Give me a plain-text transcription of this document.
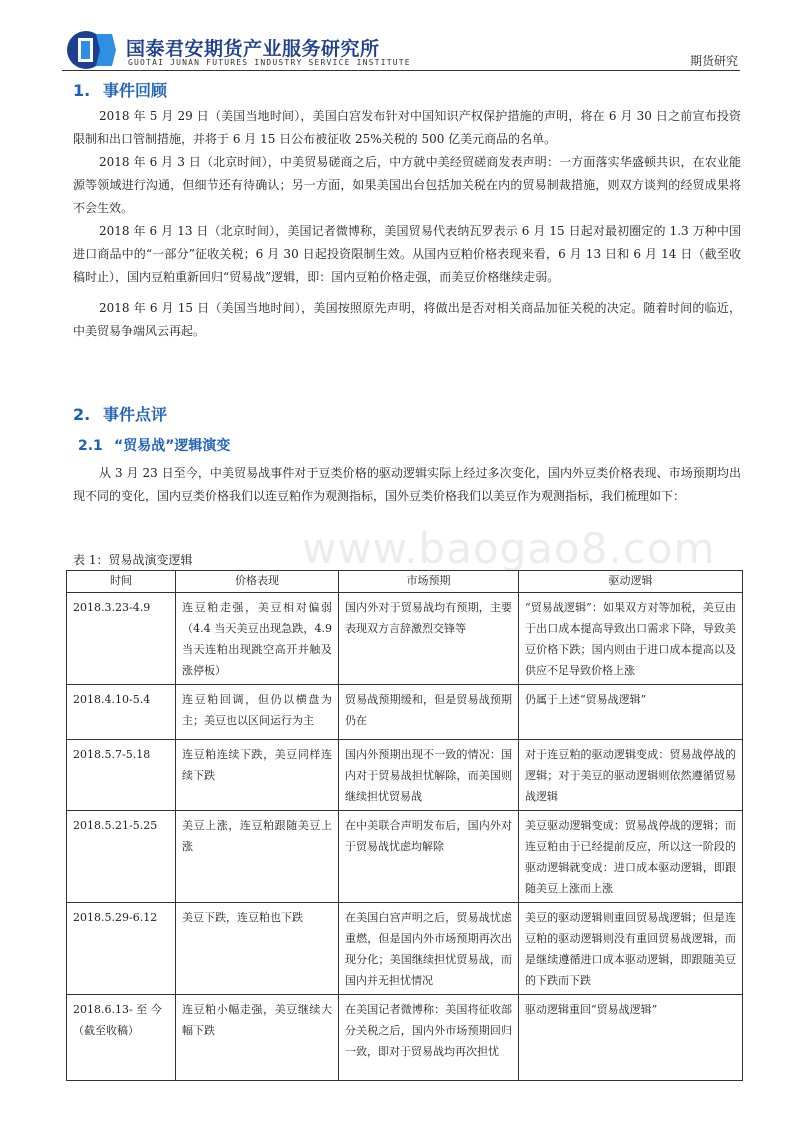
国泰君安期货产业服务研究所
GUOTAI JUNAN FUTURES INDUSTRY SERVICE INSTITUTE	期货研究
1. 事件回顾
2018 年 5 月 29 日（美国当地时间），美国白宫发布针对中国知识产权保护措施的声明，将在 6 月 30 日之前宣布投资限制和出口管制措施，并将于 6 月 15 日公布被征收 25%关税的 500 亿美元商品的名单。
2018 年 6 月 3 日（北京时间），中美贸易磋商之后，中方就中美经贸磋商发表声明：一方面落实华盛顿共识，在农业能源等领域进行沟通，但细节还有待确认；另一方面，如果美国出台包括加关税在内的贸易制裁措施，则双方谈判的经贸成果将不会生效。
2018 年 6 月 13 日（北京时间），美国记者微博称，美国贸易代表纳瓦罗表示 6 月 15 日起对最初圈定的 1.3 万种中国进口商品中的“一部分”征收关税；6 月 30 日起投资限制生效。从国内豆粕价格表现来看，6 月 13 日和 6 月 14 日（截至收稿时止），国内豆粕重新回归“贸易战”逻辑，即：国内豆粕价格走强，而美豆价格继续走弱。
2018 年 6 月 15 日（美国当地时间），美国按照原先声明，将做出是否对相关商品加征关税的决定。随着时间的临近，中美贸易争端风云再起。
2. 事件点评
2.1 “贸易战”逻辑演变
从 3 月 23 日至今，中美贸易战事件对于豆类价格的驱动逻辑实际上经过多次变化，国内外豆类价格表现、市场预期均出现不同的变化，国内豆类价格我们以连豆粕作为观测指标，国外豆类价格我们以美豆作为观测指标，我们梳理如下：
www.baogao8.com
表 1：贸易战演变逻辑
时间	价格表现	市场预期	驱动逻辑
2018.3.23-4.9	连豆粕走强，美豆相对偏弱（4.4 当天美豆出现急跌，4.9 当天连粕出现跳空高开并触及涨停板）	国内外对于贸易战均有预期，主要表现双方言辞激烈交锋等	“贸易战逻辑”：如果双方对等加税，美豆由于出口成本提高导致出口需求下降，导致美豆价格下跌；国内则由于进口成本提高以及供应不足导致价格上涨
2018.4.10-5.4	连豆粕回调，但仍以横盘为主；美豆也以区间运行为主	贸易战预期缓和，但是贸易战预期仍在	仍属于上述“贸易战逻辑”
2018.5.7-5.18	连豆粕连续下跌，美豆同样连续下跌	国内外预期出现不一致的情况：国内对于贸易战担忧解除，而美国则继续担忧贸易战	对于连豆粕的驱动逻辑变成：贸易战停战的逻辑；对于美豆的驱动逻辑则依然遵循贸易战逻辑
2018.5.21-5.25	美豆上涨，连豆粕跟随美豆上涨	在中美联合声明发布后，国内外对于贸易战忧虑均解除	美豆驱动逻辑变成：贸易战停战的逻辑；而连豆粕由于已经提前反应，所以这一阶段的驱动逻辑就变成：进口成本驱动逻辑，即跟随美豆上涨而上涨
2018.5.29-6.12	美豆下跌，连豆粕也下跌	在美国白宫声明之后，贸易战忧虑重燃，但是国内外市场预期再次出现分化；美国继续担忧贸易战，而国内并无担忧情况	美豆的驱动逻辑则重回贸易战逻辑；但是连豆粕的驱动逻辑则没有重回贸易战逻辑，而是继续遵循进口成本驱动逻辑，即跟随美豆的下跌而下跌
2018.6.13- 至 今（截至收稿）	连豆粕小幅走强，美豆继续大幅下跌	在美国记者微博称：美国将征收部分关税之后，国内外市场预期回归一致，即对于贸易战均再次担忧	驱动逻辑重回“贸易战逻辑”
